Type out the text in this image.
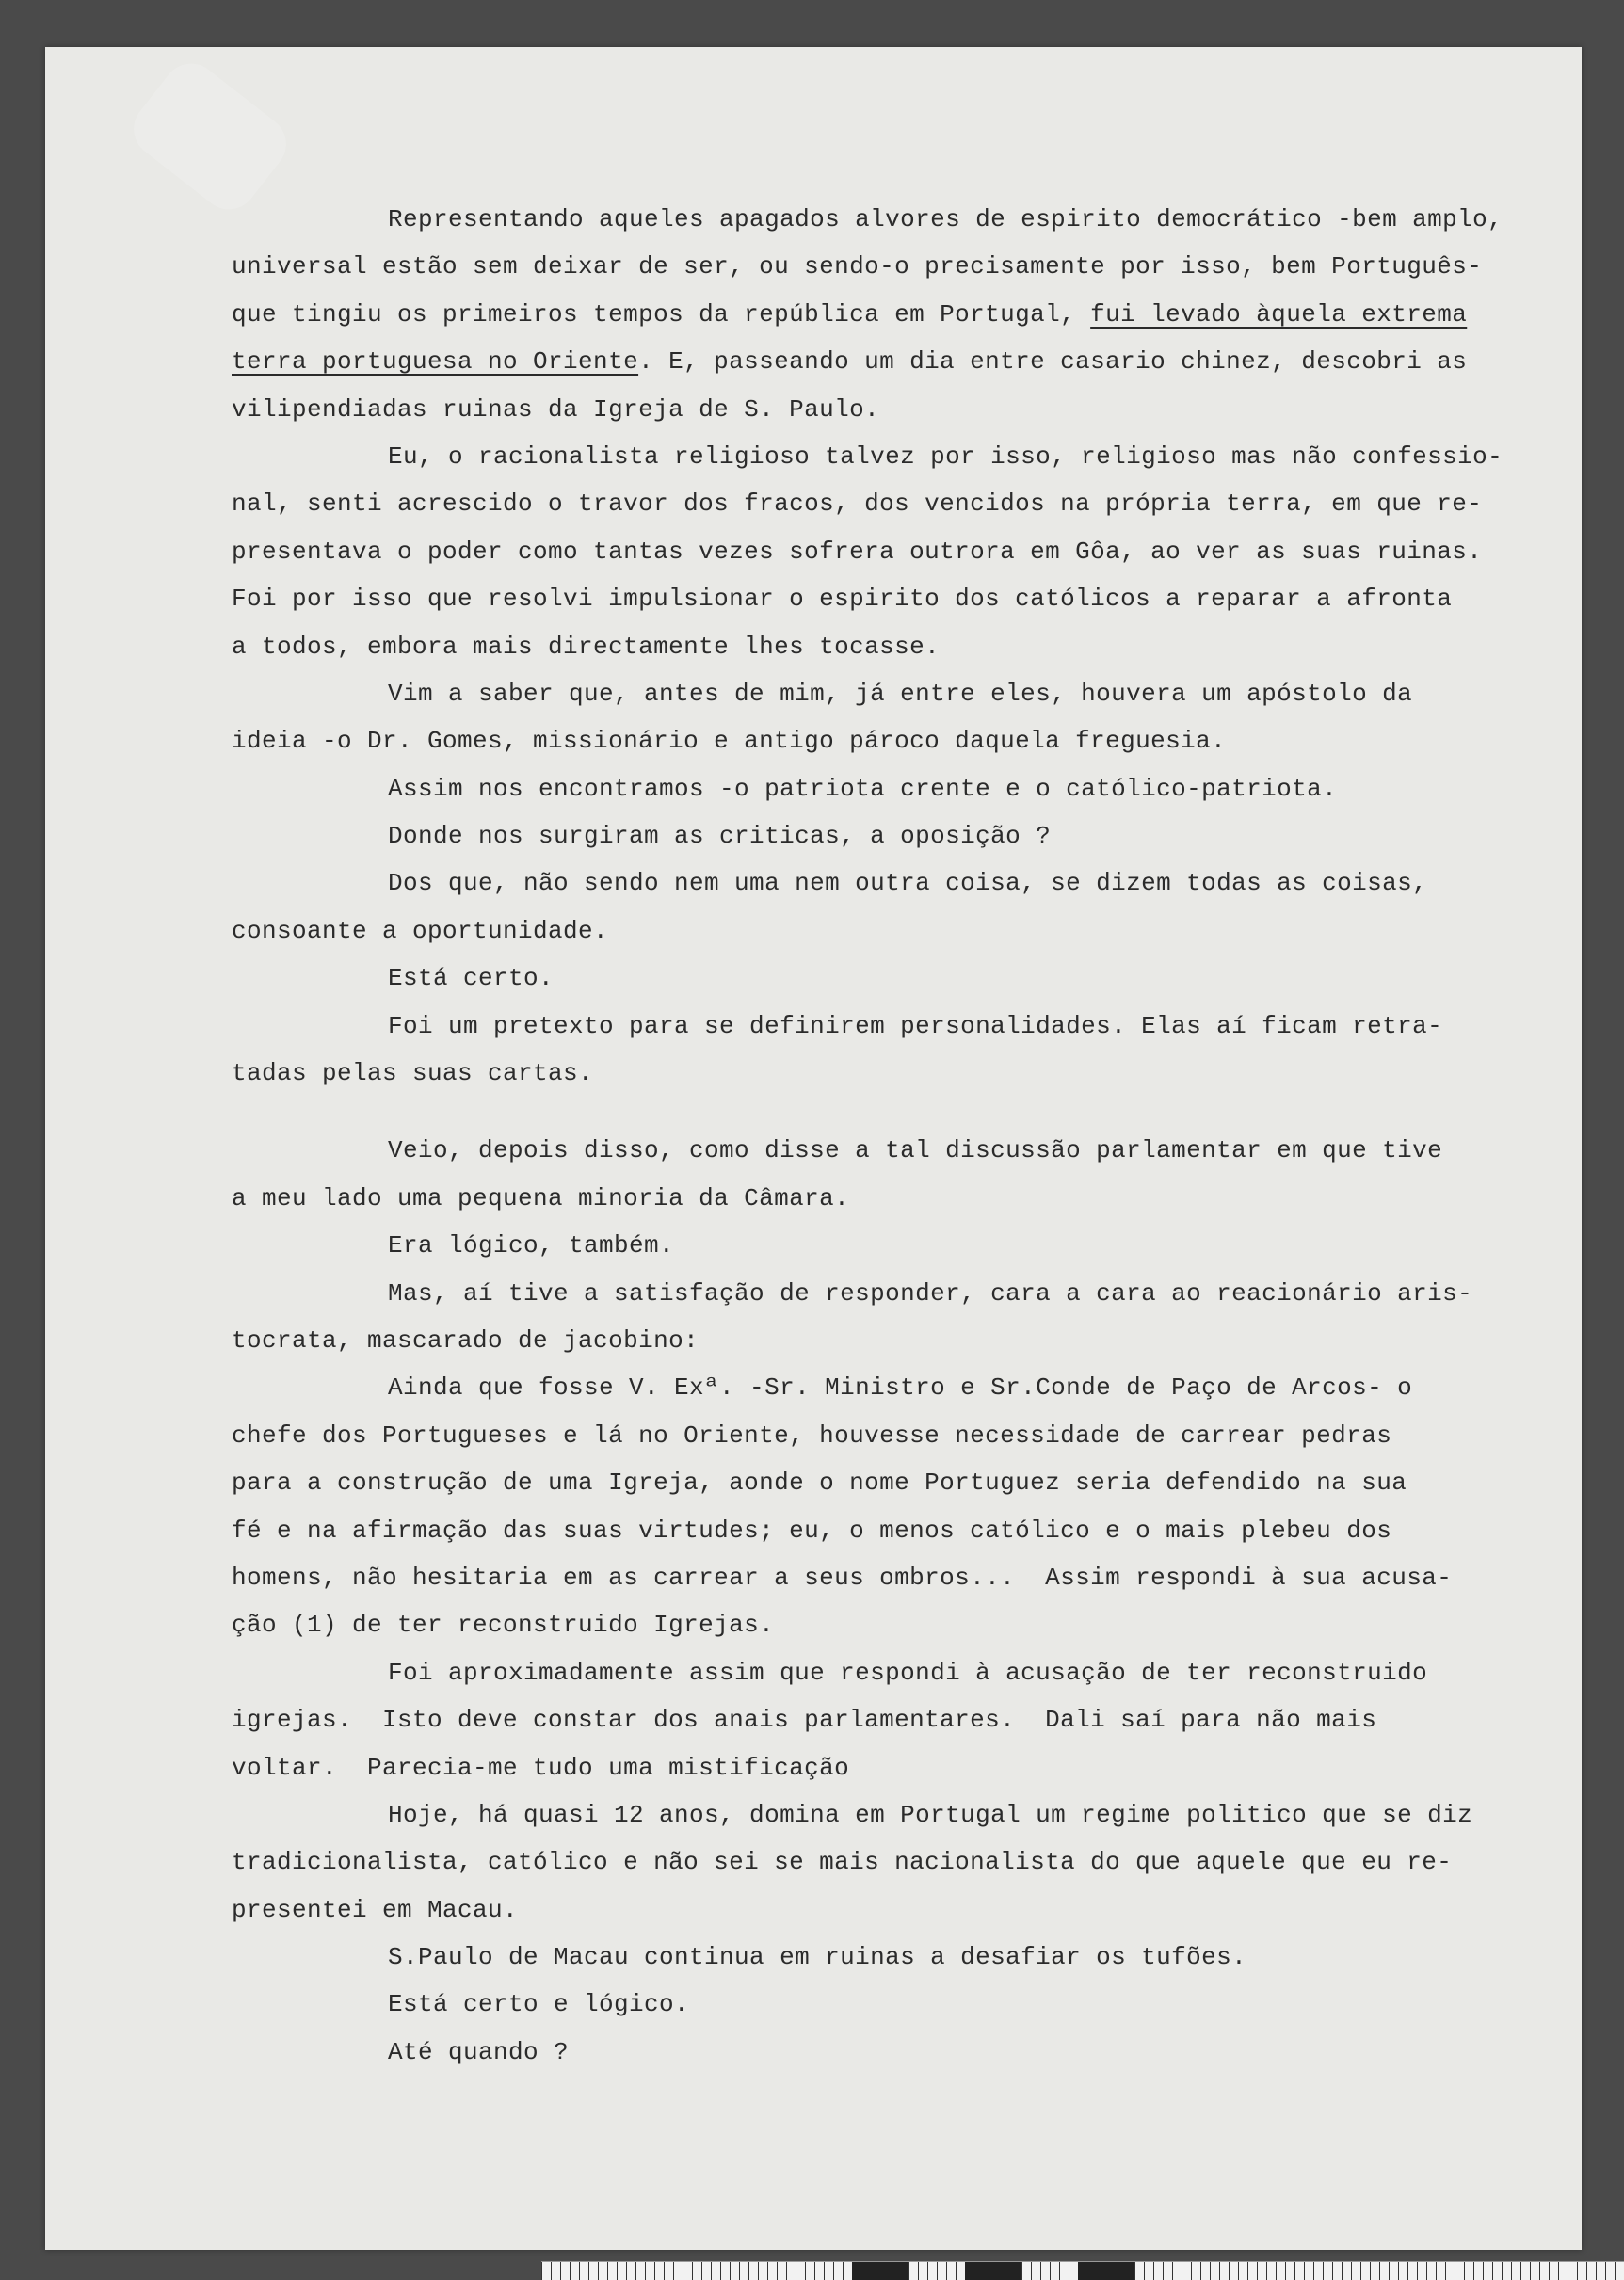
Representando aqueles apagados alvores de espirito democrático -bem amplo,
universal estão sem deixar de ser, ou sendo-o precisamente por isso, bem Português-
que tingiu os primeiros tempos da república em Portugal, fui levado àquela extrema
terra portuguesa no Oriente. E, passeando um dia entre casario chinez, descobri as
vilipendiadas ruinas da Igreja de S. Paulo.
Eu, o racionalista religioso talvez por isso, religioso mas não confessio-
nal, senti acrescido o travor dos fracos, dos vencidos na própria terra, em que re-
presentava o poder como tantas vezes sofrera outrora em Gôa, ao ver as suas ruinas.
Foi por isso que resolvi impulsionar o espirito dos católicos a reparar a afronta
a todos, embora mais directamente lhes tocasse.
Vim a saber que, antes de mim, já entre eles, houvera um apóstolo da
ideia -o Dr. Gomes, missionário e antigo pároco daquela freguesia.
Assim nos encontramos -o patriota crente e o católico-patriota.
Donde nos surgiram as criticas, a oposição ?
Dos que, não sendo nem uma nem outra coisa, se dizem todas as coisas,
consoante a oportunidade.
Está certo.
Foi um pretexto para se definirem personalidades. Elas aí ficam retra-
tadas pelas suas cartas.
Veio, depois disso, como disse a tal discussão parlamentar em que tive
a meu lado uma pequena minoria da Câmara.
Era lógico, também.
Mas, aí tive a satisfação de responder, cara a cara ao reacionário aris-
tocrata, mascarado de jacobino:
Ainda que fosse V. Exª. -Sr. Ministro e Sr.Conde de Paço de Arcos- o
chefe dos Portugueses e lá no Oriente, houvesse necessidade de carrear pedras
para a construção de uma Igreja, aonde o nome Portuguez seria defendido na sua
fé e na afirmação das suas virtudes; eu, o menos católico e o mais plebeu dos
homens, não hesitaria em as carrear a seus ombros...  Assim respondi à sua acusa-
ção (1) de ter reconstruido Igrejas.
Foi aproximadamente assim que respondi à acusação de ter reconstruido
igrejas.  Isto deve constar dos anais parlamentares.  Dali saí para não mais
voltar.  Parecia-me tudo uma mistificação
Hoje, há quasi 12 anos, domina em Portugal um regime politico que se diz
tradicionalista, católico e não sei se mais nacionalista do que aquele que eu re-
presentei em Macau.
S.Paulo de Macau continua em ruinas a desafiar os tufões.
Está certo e lógico.
Até quando ?
